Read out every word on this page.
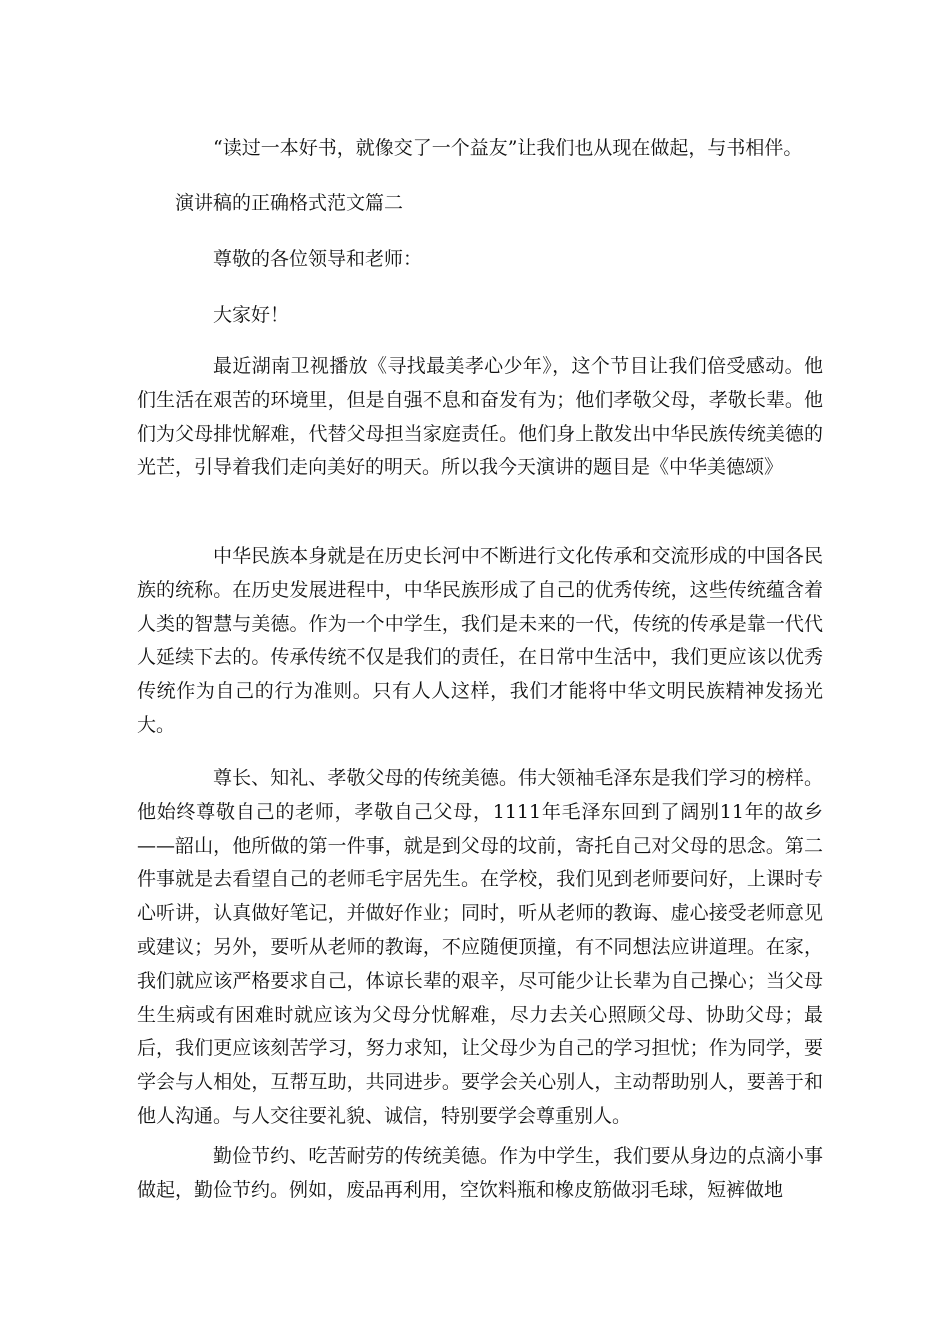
“读过一本好书，就像交了一个益友”让我们也从现在做起，与书相伴。
演讲稿的正确格式范文篇二
尊敬的各位领导和老师：
大家好！
最近湖南卫视播放《寻找最美孝心少年》，这个节目让我们倍受感动。他们生活在艰苦的环境里，但是自强不息和奋发有为；他们孝敬父母，孝敬长辈。他们为父母排忧解难，代替父母担当家庭责任。他们身上散发出中华民族传统美德的光芒，引导着我们走向美好的明天。所以我今天演讲的题目是《中华美德颂》
中华民族本身就是在历史长河中不断进行文化传承和交流形成的中国各民族的统称。在历史发展进程中，中华民族形成了自己的优秀传统，这些传统蕴含着人类的智慧与美德。作为一个中学生，我们是未来的一代，传统的传承是靠一代代人延续下去的。传承传统不仅是我们的责任，在日常中生活中，我们更应该以优秀传统作为自己的行为准则。只有人人这样，我们才能将中华文明民族精神发扬光大。
尊长、知礼、孝敬父母的传统美德。伟大领袖毛泽东是我们学习的榜样。他始终尊敬自己的老师，孝敬自己父母，1111年毛泽东回到了阔别11年的故乡——韶山，他所做的第一件事，就是到父母的坟前，寄托自己对父母的思念。第二件事就是去看望自己的老师毛宇居先生。在学校，我们见到老师要问好，上课时专心听讲，认真做好笔记，并做好作业；同时，听从老师的教诲、虚心接受老师意见或建议；另外，要听从老师的教诲，不应随便顶撞，有不同想法应讲道理。在家，我们就应该严格要求自己，体谅长辈的艰辛，尽可能少让长辈为自己操心；当父母生生病或有困难时就应该为父母分忧解难，尽力去关心照顾父母、协助父母；最后，我们更应该刻苦学习，努力求知，让父母少为自己的学习担忧；作为同学，要学会与人相处，互帮互助，共同进步。要学会关心别人，主动帮助别人，要善于和他人沟通。与人交往要礼貌、诚信，特别要学会尊重别人。
勤俭节约、吃苦耐劳的传统美德。作为中学生，我们要从身边的点滴小事做起，勤俭节约。例如，废品再利用，空饮料瓶和橡皮筋做羽毛球，短裤做地
